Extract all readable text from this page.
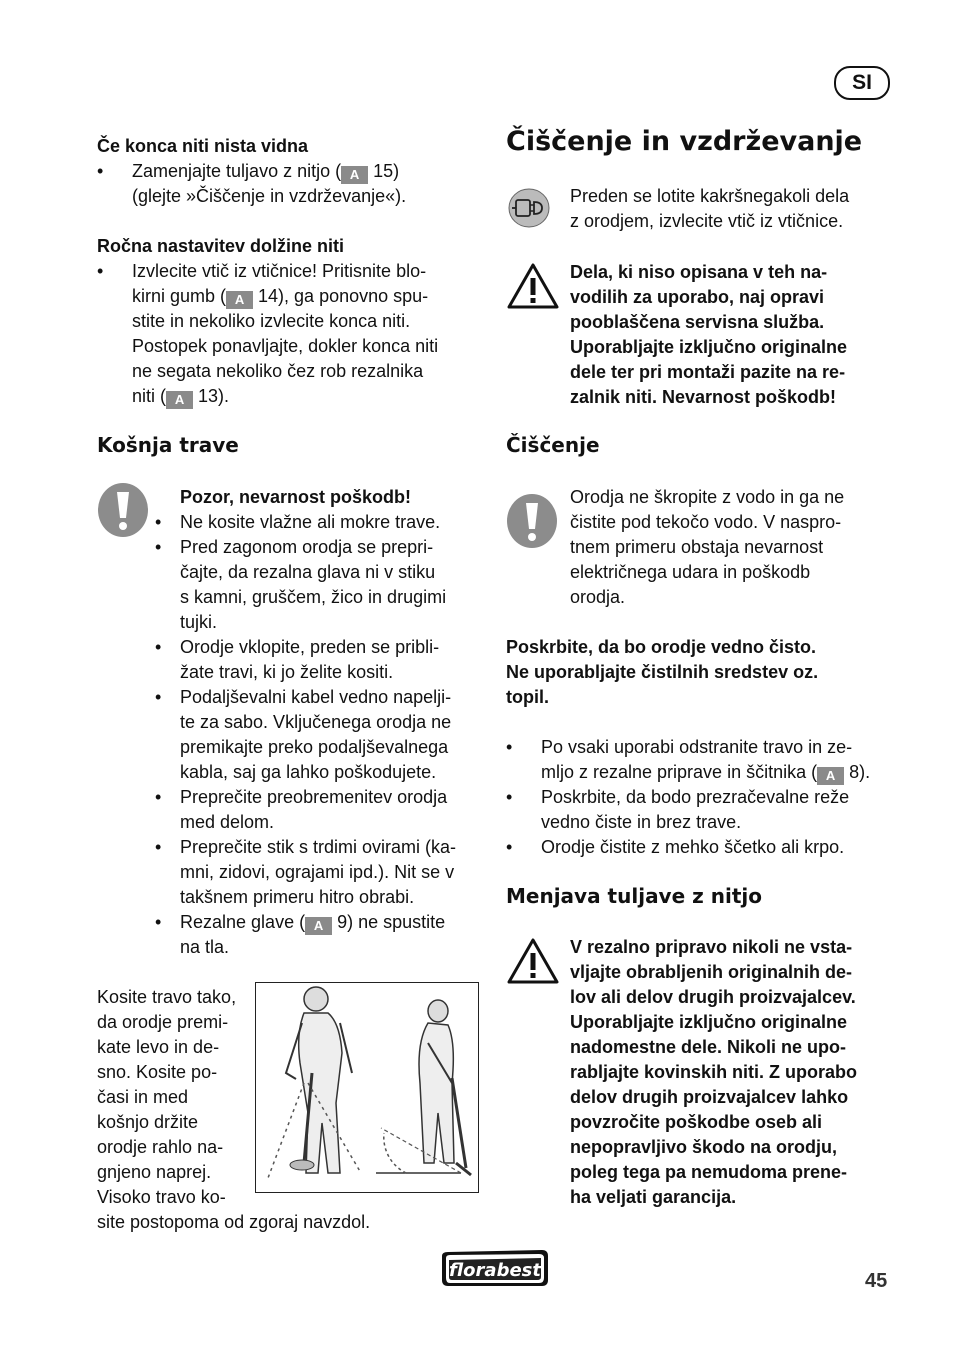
SI
Če konca niti nista vidna
• Zamenjajte tuljavo z nitjo ( A 15)
(glejte »Čiščenje in vzdrževanje«).
Ročna nastavitev dolžine niti
• Izvlecite vtič iz vtičnice! Pritisnite blo-
kirni gumb ( A 14), ga ponovno spu-
stite in nekoliko izvlecite konca niti.
Postopek ponavljajte, dokler konca niti
ne segata nekoliko čez rob rezalnika
niti ( A 13).
Košnja trave
Pozor, nevarnost poškodb!
• Ne kosite vlažne ali mokre trave.
• Pred zagonom orodja se prepri-
čajte, da rezalna glava ni v stiku
s kamni, gruščem, žico in drugimi
tujki.
• Orodje vklopite, preden se pribli-
žate travi, ki jo želite kositi.
• Podaljševalni kabel vedno napelji-
te za sabo. Vključenega orodja ne
premikajte preko podaljševalnega
kabla, saj ga lahko poškodujete.
• Preprečite preobremenitev orodja
med delom.
• Preprečite stik s trdimi ovirami (ka-
mni, zidovi, ograjami ipd.). Nit se v
takšnem primeru hitro obrabi.
• Rezalne glave ( A 9) ne spustite
na tla.
Kosite travo tako,
da orodje premi-
kate levo in de-
sno. Kosite po-
časi in med
košnjo držite
orodje rahlo na-
gnjeno naprej.
Visoko travo ko-
site postopoma od zgoraj navzdol.
Čiščenje in vzdrževanje
Preden se lotite kakršnegakoli dela
z orodjem, izvlecite vtič iz vtičnice.
Dela, ki niso opisana v teh na-
vodilih za uporabo, naj opravi
pooblaščena servisna služba.
Uporabljajte izključno originalne
dele ter pri montaži pazite na re-
zalnik niti. Nevarnost poškodb!
Čiščenje
Orodja ne škropite z vodo in ga ne
čistite pod tekočo vodo. V naspro-
tnem primeru obstaja nevarnost
električnega udara in poškodb
orodja.
Poskrbite, da bo orodje vedno čisto.
Ne uporabljajte čistilnih sredstev oz.
topil.
• Po vsaki uporabi odstranite travo in ze-
mljo z rezalne priprave in ščitnika ( A 8).
• Poskrbite, da bodo prezračevalne reže
vedno čiste in brez trave.
• Orodje čistite z mehko ščetko ali krpo.
Menjava tuljave z nitjo
V rezalno pripravo nikoli ne vsta-
vljajte obrabljenih originalnih de-
lov ali delov drugih proizvajalcev.
Uporabljajte izključno originalne
nadomestne dele. Nikoli ne upo-
rabljajte kovinskih niti. Z uporabo
delov drugih proizvajalcev lahko
povzročite poškodbe oseb ali
nepopravljivo škodo na orodju,
poleg tega pa nemudoma prene-
ha veljati garancija.
florabest	45
